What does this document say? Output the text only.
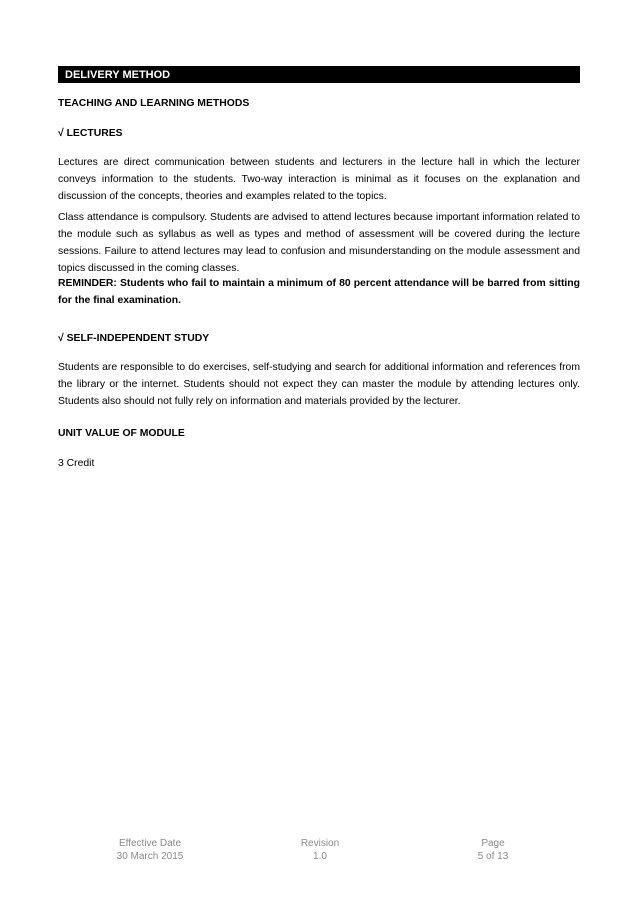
DELIVERY METHOD
TEACHING AND LEARNING METHODS
√ LECTURES
Lectures are direct communication between students and lecturers in the lecture hall in which the lecturer conveys information to the students. Two-way interaction is minimal as it focuses on the explanation and discussion of the concepts, theories and examples related to the topics.
Class attendance is compulsory. Students are advised to attend lectures because important information related to the module such as syllabus as well as types and method of assessment will be covered during the lecture sessions. Failure to attend lectures may lead to confusion and misunderstanding on the module assessment and topics discussed in the coming classes.
REMINDER: Students who fail to maintain a minimum of 80 percent attendance will be barred from sitting for the final examination.
√ SELF-INDEPENDENT STUDY
Students are responsible to do exercises, self-studying and search for additional information and references from the library or the internet. Students should not expect they can master the module by attending lectures only. Students also should not fully rely on information and materials provided by the lecturer.
UNIT VALUE OF MODULE
3 Credit
Effective Date
30 March 2015
Revision
1.0
Page
5 of 13
